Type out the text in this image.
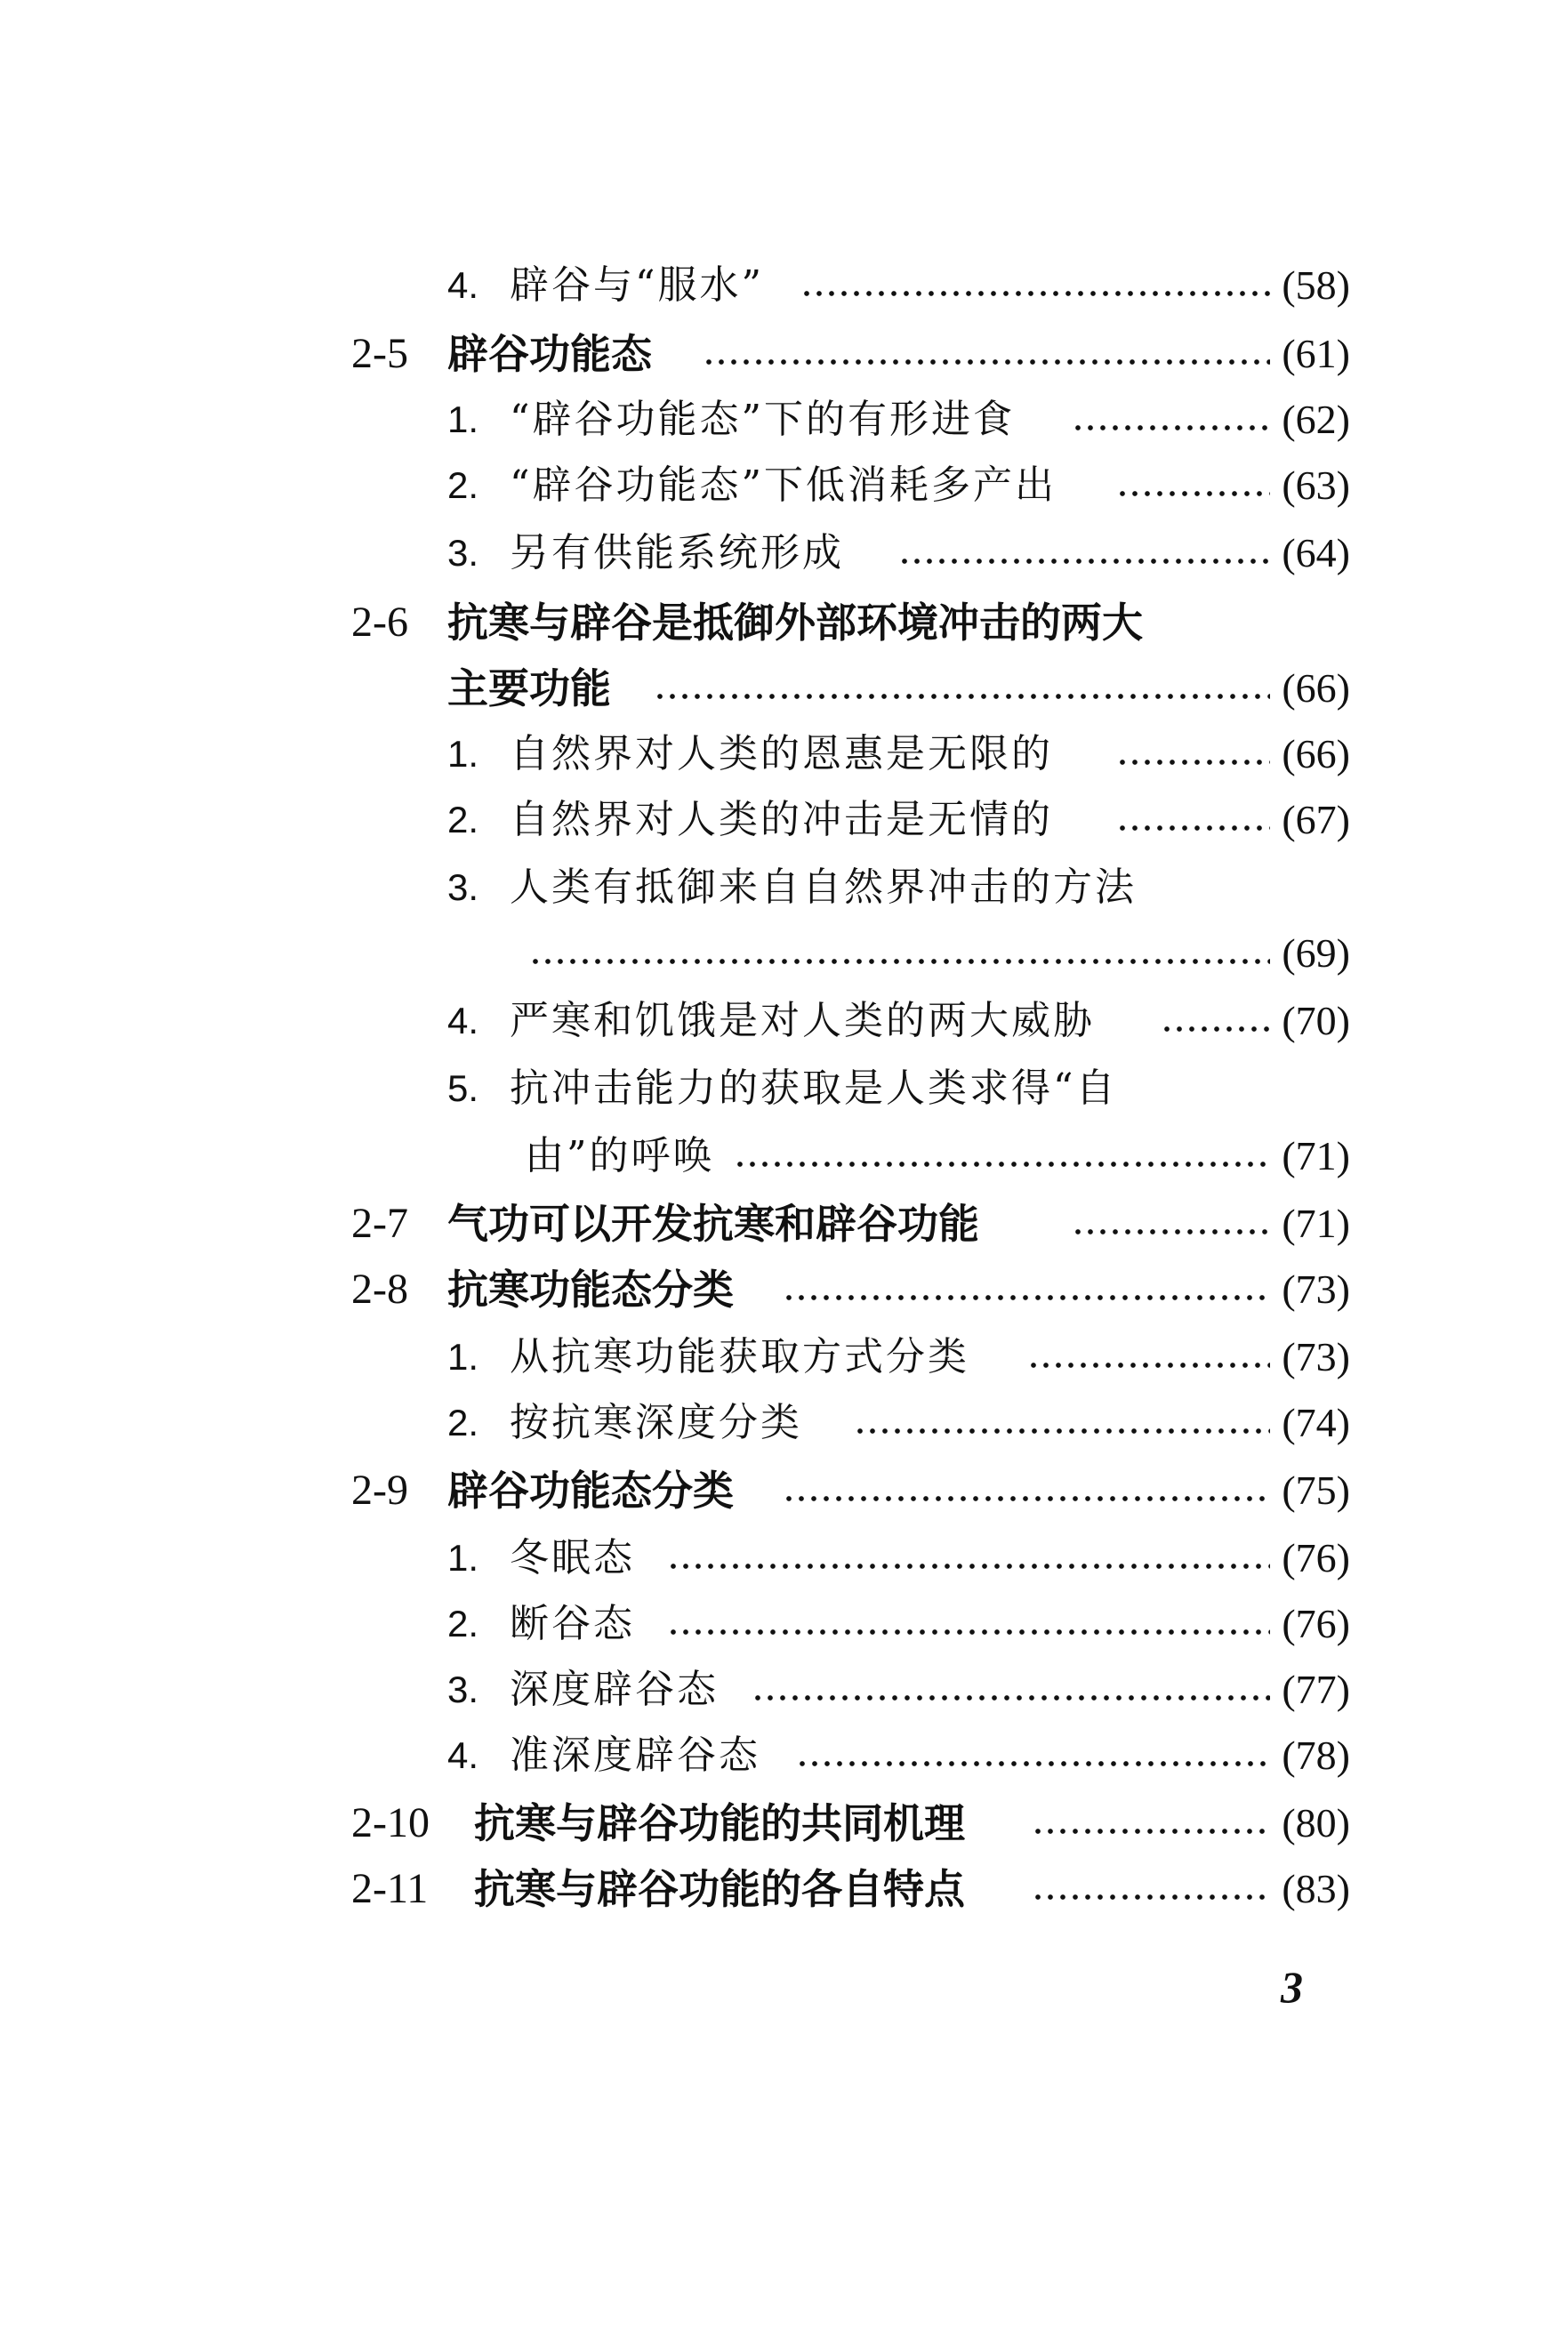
4. 辟谷与“服水”	(58)
2-5 辟谷功能态	(61)
1. “辟谷功能态”下的有形进食	(62)
2. “辟谷功能态”下低消耗多产出	(63)
3. 另有供能系统形成	(64)
2-6 抗寒与辟谷是抵御外部环境冲击的两大
主要功能	(66)
1. 自然界对人类的恩惠是无限的	(66)
2. 自然界对人类的冲击是无情的	(67)
3. 人类有抵御来自自然界冲击的方法
(69)
4. 严寒和饥饿是对人类的两大威胁	(70)
5. 抗冲击能力的获取是人类求得“自
由”的呼唤	(71)
2-7 气功可以开发抗寒和辟谷功能	(71)
2-8 抗寒功能态分类	(73)
1. 从抗寒功能获取方式分类	(73)
2. 按抗寒深度分类	(74)
2-9 辟谷功能态分类	(75)
1. 冬眠态	(76)
2. 断谷态	(76)
3. 深度辟谷态	(77)
4. 准深度辟谷态	(78)
2-10 抗寒与辟谷功能的共同机理	(80)
2-11 抗寒与辟谷功能的各自特点	(83)
3
